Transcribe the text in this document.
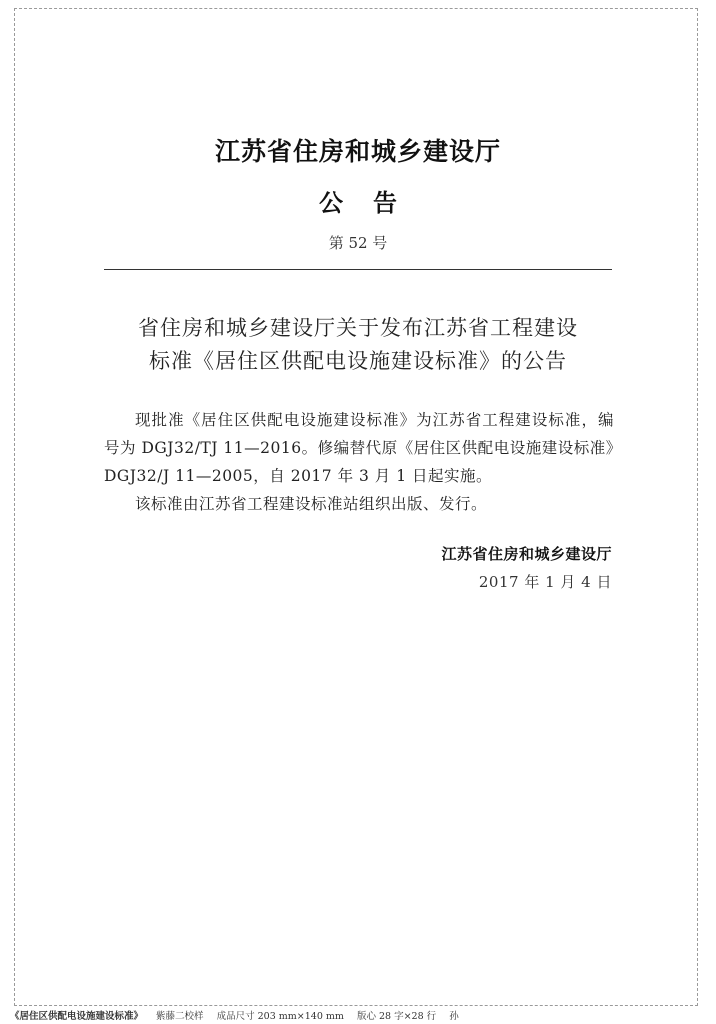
江苏省住房和城乡建设厅
公告
第 52 号
省住房和城乡建设厅关于发布江苏省工程建设
标准《居住区供配电设施建设标准》的公告

现批准《居住区供配电设施建设标准》为江苏省工程建设标准，编号为 DGJ32/TJ 11—2016。修编替代原《居住区供配电设施建设标准》DGJ32/J 11—2005，自 2017 年 3 月 1 日起实施。

该标准由江苏省工程建设标准站组织出版、发行。

江苏省住房和城乡建设厅
2017 年 1 月 4 日
《居住区供配电设施建设标准》 紫藤二校样 成品尺寸 203 mm×140 mm 版心 28 字×28 行 孙
